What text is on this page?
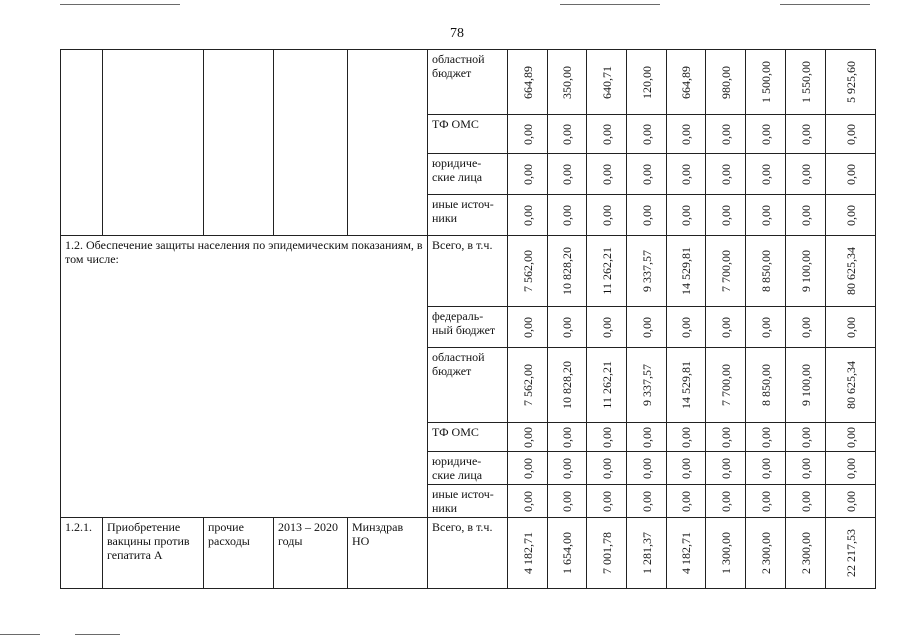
78
					областной бюджет	664,89	350,00	640,71	120,00	664,89	980,00	1 500,00	1 550,00	5 925,60

					ТФ ОМС	0,00	0,00	0,00	0,00	0,00	0,00	0,00	0,00	0,00

					юридиче-ские лица	0,00	0,00	0,00	0,00	0,00	0,00	0,00	0,00	0,00

					иные источ-ники	0,00	0,00	0,00	0,00	0,00	0,00	0,00	0,00	0,00

1.2. Обеспечение защиты населения по эпидемическим показаниям, в том числе:					Всего, в т.ч.	7 562,00	10 828,20	11 262,21	9 337,57	14 529,81	7 700,00	8 850,00	9 100,00	80 625,34

					федераль-ный бюджет	0,00	0,00	0,00	0,00	0,00	0,00	0,00	0,00	0,00

					областной бюджет	7 562,00	10 828,20	11 262,21	9 337,57	14 529,81	7 700,00	8 850,00	9 100,00	80 625,34

					ТФ ОМС	0,00	0,00	0,00	0,00	0,00	0,00	0,00	0,00	0,00

					юридиче-ские лица	0,00	0,00	0,00	0,00	0,00	0,00	0,00	0,00	0,00

					иные источ-ники	0,00	0,00	0,00	0,00	0,00	0,00	0,00	0,00	0,00

1.2.1.	Приобретение вакцины против гепатита А	прочие расходы	2013 – 2020 годы	Минздрав НО	Всего, в т.ч.	4 182,71	1 654,00	7 001,78	1 281,37	4 182,71	1 300,00	2 300,00	2 300,00	22 217,53
